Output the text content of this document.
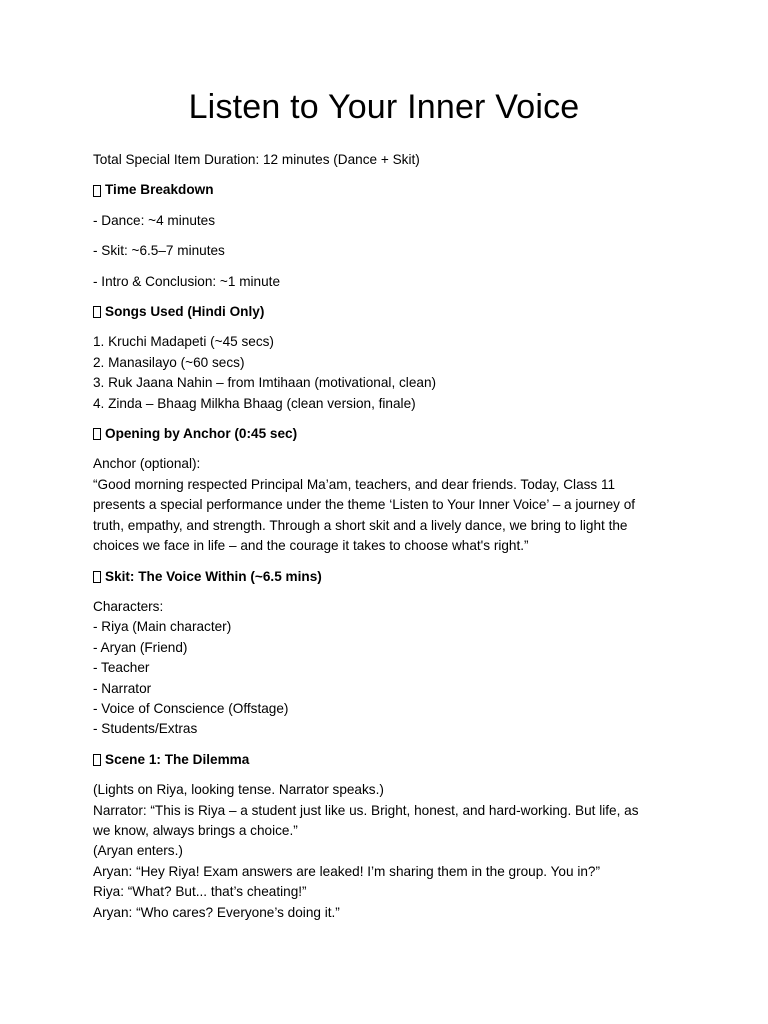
Listen to Your Inner Voice

Total Special Item Duration: 12 minutes (Dance + Skit)

Time Breakdown

- Dance: ~4 minutes

- Skit: ~6.5–7 minutes

- Intro & Conclusion: ~1 minute

Songs Used (Hindi Only)
1. Kruchi Madapeti (~45 secs)
2. Manasilayo (~60 secs)
3. Ruk Jaana Nahin – from Imtihaan (motivational, clean)
4. Zinda – Bhaag Milkha Bhaag (clean version, finale)
Opening by Anchor (0:45 sec)
Anchor (optional):
“Good morning respected Principal Ma’am, teachers, and dear friends. Today, Class 11
presents a special performance under the theme ‘Listen to Your Inner Voice’ – a journey of
truth, empathy, and strength. Through a short skit and a lively dance, we bring to light the
choices we face in life – and the courage it takes to choose what's right.”
Skit: The Voice Within (~6.5 mins)
Characters:
- Riya (Main character)
- Aryan (Friend)
- Teacher
- Narrator
- Voice of Conscience (Offstage)
- Students/Extras
Scene 1: The Dilemma
(Lights on Riya, looking tense. Narrator speaks.)
Narrator: “This is Riya – a student just like us. Bright, honest, and hard-working. But life, as
we know, always brings a choice.”
(Aryan enters.)
Aryan: “Hey Riya! Exam answers are leaked! I’m sharing them in the group. You in?”
Riya: “What? But... that’s cheating!”
Aryan: “Who cares? Everyone’s doing it.”
